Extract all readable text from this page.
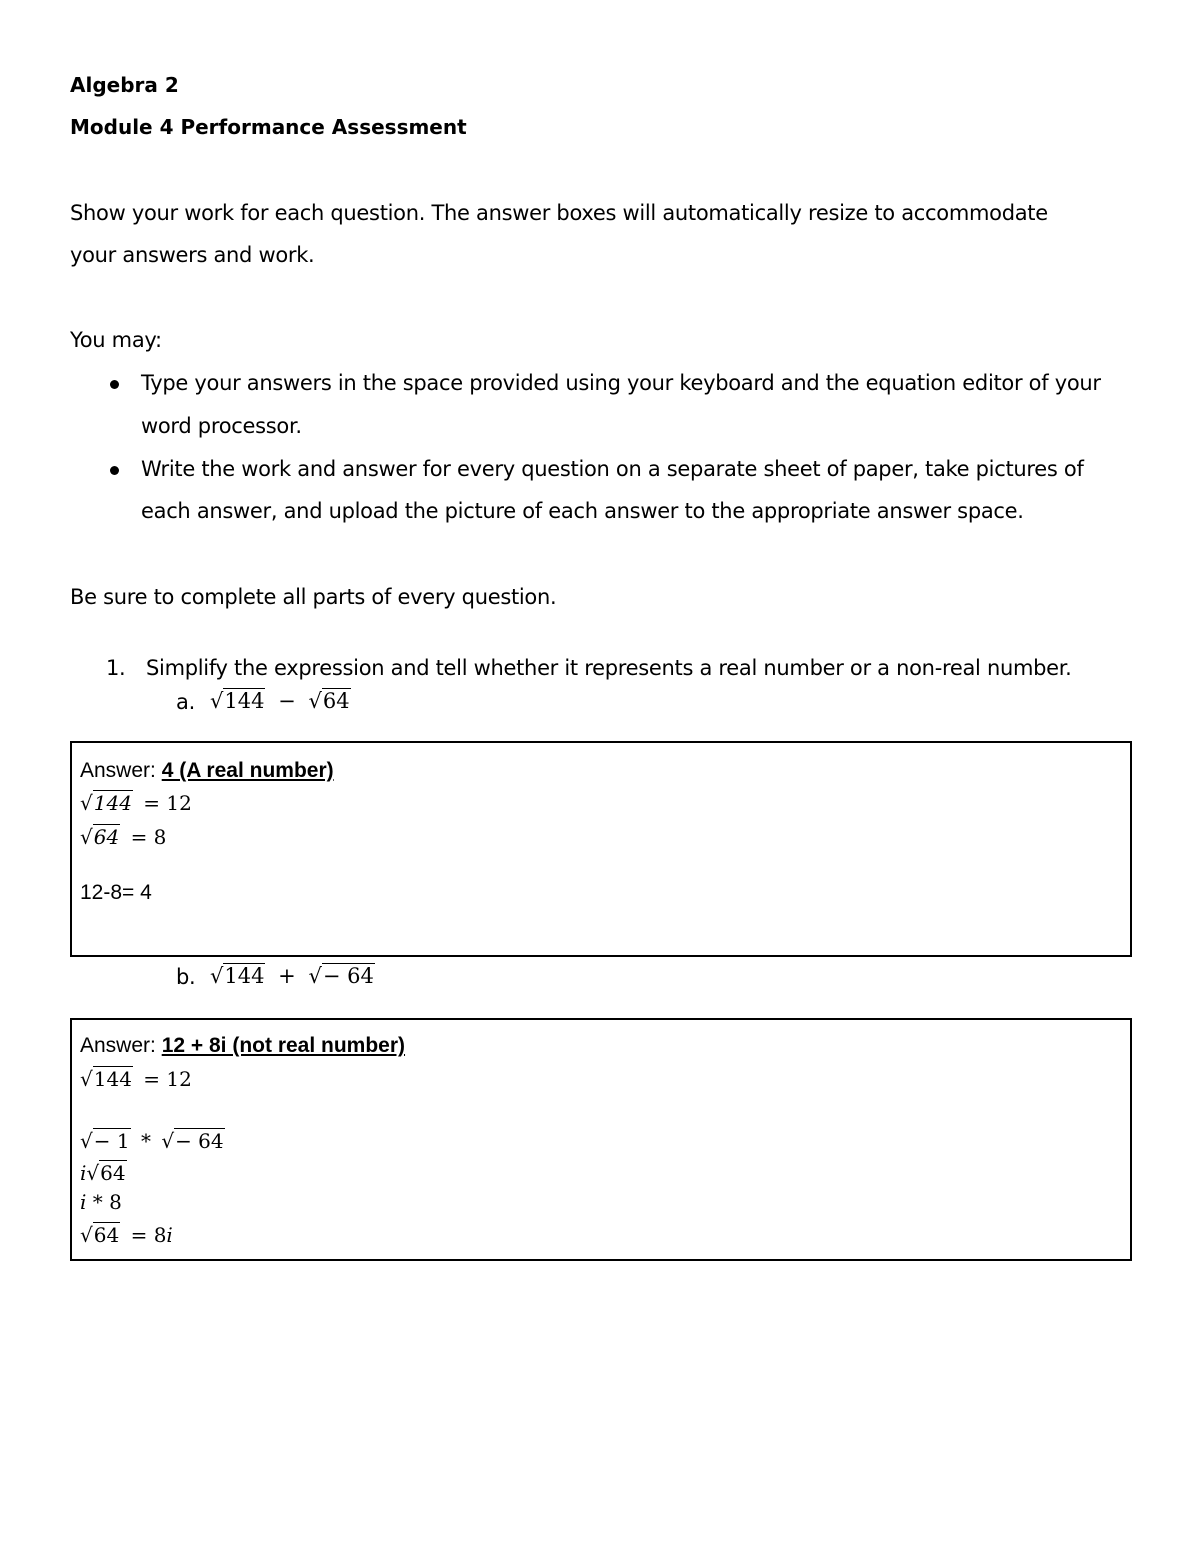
Algebra 2
Module 4 Performance Assessment
Show your work for each question. The answer boxes will automatically resize to accommodate
your answers and work.
You may:
Type your answers in the space provided using your keyboard and the equation editor of your
word processor.
Write the work and answer for every question on a separate sheet of paper, take pictures of
each answer, and upload the picture of each answer to the appropriate answer space.
Be sure to complete all parts of every question.
1. Simplify the expression and tell whether it represents a real number or a non-real number.
a. √144 − √64
Answer: 4 (A real number)
√144 = 12
√64 = 8
12-8= 4
b. √144 + √− 64
Answer: 12 + 8i (not real number)
√144 = 12
√− 1 * √− 64
i√64
i * 8
√64 = 8i
